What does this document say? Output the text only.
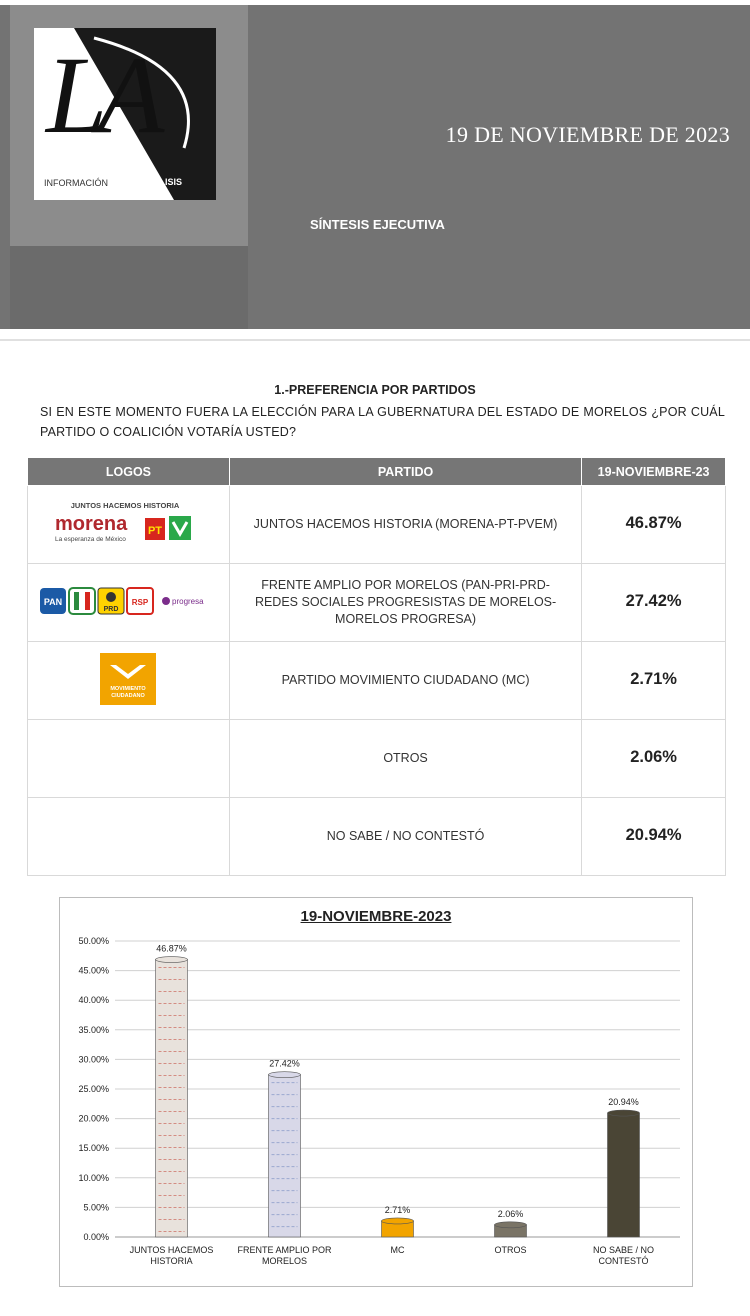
LA
INFORMACIÓN	ANÁLISIS
Y
19 DE NOVIEMBRE DE 2023
SÍNTESIS EJECUTIVA
1.-PREFERENCIA POR PARTIDOS
SI EN ESTE MOMENTO FUERA LA ELECCIÓN PARA LA GUBERNATURA DEL ESTADO DE MORELOS ¿POR CUÁL PARTIDO O COALICIÓN VOTARÍA USTED?
LOGOS	PARTIDO	19-NOVIEMBRE-23

JUNTOS HACEMOS HISTORIA
morena
La esperanza de México
PT	JUNTOS HACEMOS HISTORIA (MORENA-PT-PVEM)	46.87%

PAN
PRD
RSP progresa	FRENTE AMPLIO POR MORELOS (PAN-PRI-PRD-REDES SOCIALES PROGRESISTAS DE MORELOS-MORELOS PROGRESA)	27.42%

MOVIMIENTO
CIUDADANO	PARTIDO MOVIMIENTO CIUDADANO (MC)	2.71%
	OTROS	2.06%
	NO SABE / NO CONTESTÓ	20.94%
19-NOVIEMBRE-2023
0.00%
5.00%
10.00%
15.00%
20.00%
25.00%
30.00%
35.00%
40.00%
45.00%
50.00%
46.87%
JUNTOS HACEMOS
HISTORIA
27.42%
FRENTE AMPLIO POR
MORELOS
2.71%
MC
2.06%
OTROS
20.94%
NO SABE / NO
CONTESTÓ
